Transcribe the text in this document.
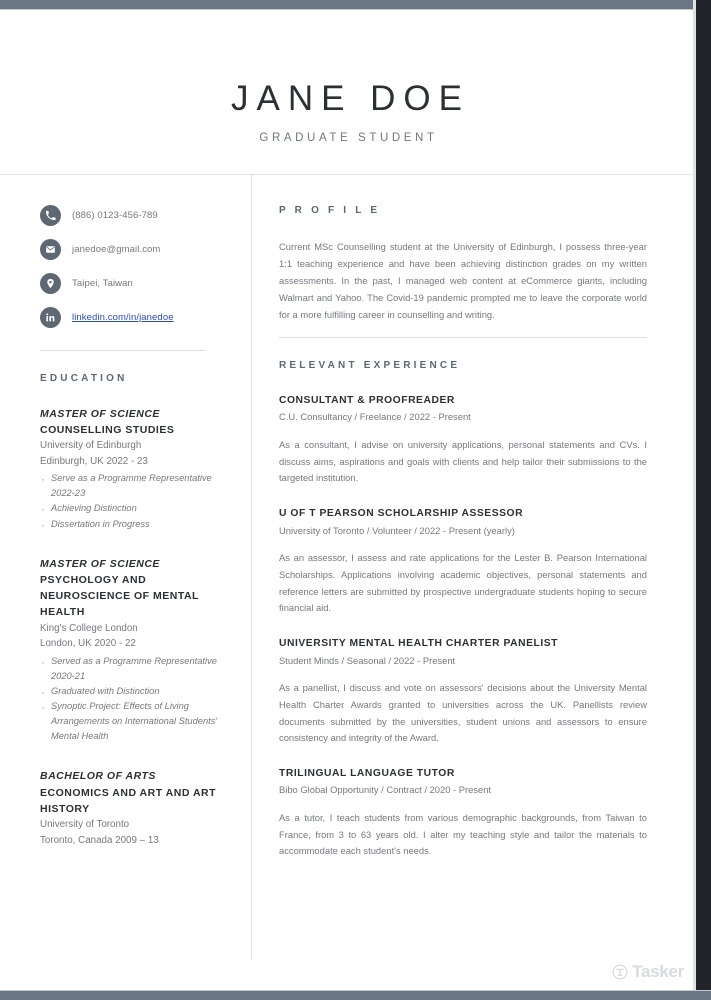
JANE DOE
GRADUATE STUDENT
(886) 0123-456-789
janedoe@gmail.com
Taipei, Taiwan
linkedin.com/in/janedoe
EDUCATION
MASTER OF SCIENCE
COUNSELLING STUDIES
University of Edinburgh
Edinburgh, UK 2022 - 23
· Serve as a Programme Representative 2022-23
· Achieving Distinction
· Dissertation in Progress
MASTER OF SCIENCE
PSYCHOLOGY AND NEUROSCIENCE OF MENTAL HEALTH
King's College London
London, UK 2020 - 22
· Served as a Programme Representative 2020-21
· Graduated with Distinction
· Synoptic Project: Effects of Living Arrangements on International Students' Mental Health
BACHELOR OF ARTS
ECONOMICS AND ART AND ART HISTORY
University of Toronto
Toronto, Canada 2009 – 13
P R O F I L E
Current MSc Counselling student at the University of Edinburgh, I possess three-year 1:1 teaching experience and have been achieving distinction grades on my written assessments. In the past, I managed web content at eCommerce giants, including Walmart and Yahoo. The Covid-19 pandemic prompted me to leave the corporate world for a more fulfilling career in counselling and writing.
RELEVANT EXPERIENCE
CONSULTANT & PROOFREADER
C.U. Consultancy / Freelance / 2022 - Present
As a consultant, I advise on university applications, personal statements and CVs. I discuss aims, aspirations and goals with clients and help tailor their submissions to the targeted institution.
U OF T PEARSON SCHOLARSHIP ASSESSOR
University of Toronto / Volunteer / 2022 - Present (yearly)
As an assessor, I assess and rate applications for the Lester B. Pearson International Scholarships. Applications involving academic objectives, personal statements and reference letters are submitted by prospective undergraduate students hoping to secure financial aid.
UNIVERSITY MENTAL HEALTH CHARTER PANELIST
Student Minds / Seasonal / 2022 - Present
As a panellist, I discuss and vote on assessors' decisions about the University Mental Health Charter Awards granted to universities across the UK. Panellists review documents submitted by the universities, student unions and assessors to ensure consistency and integrity of the Award.
TRILINGUAL LANGUAGE TUTOR
Bibo Global Opportunity / Contract / 2020 - Present
As a tutor, I teach students from various demographic backgrounds, from Taiwan to France, from 3 to 63 years old. I alter my teaching style and tailor the materials to accommodate each student's needs.
Tasker
